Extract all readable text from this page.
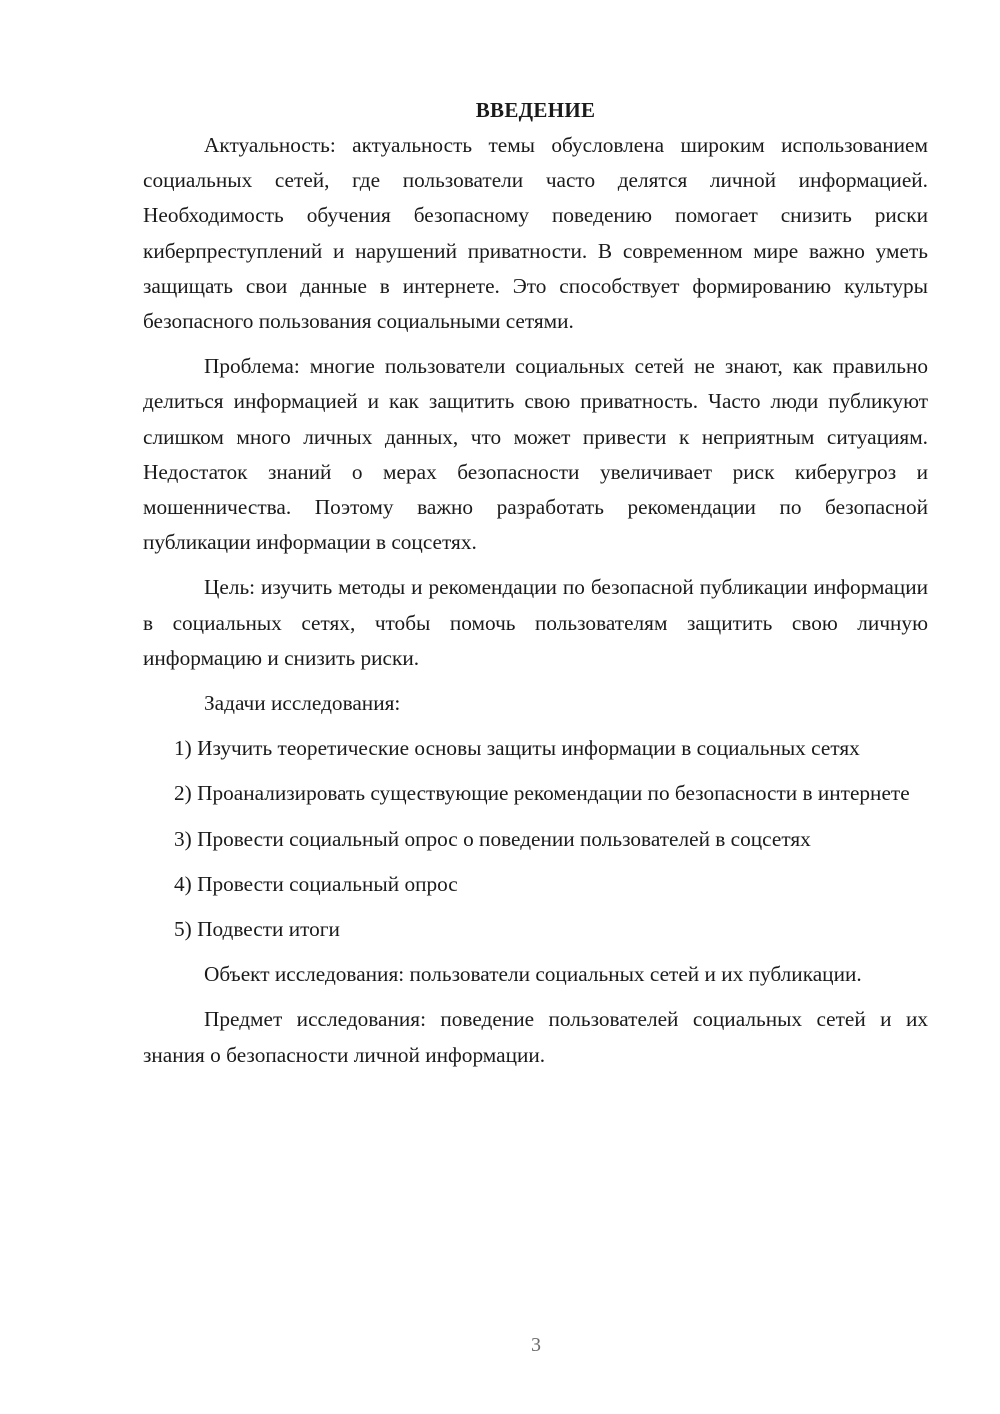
ВВЕДЕНИЕ

Актуальность: актуальность темы обусловлена широким использованием социальных сетей, где пользователи часто делятся личной информацией. Необходимость обучения безопасному поведению помогает снизить риски киберпреступлений и нарушений приватности. В современном мире важно уметь защищать свои данные в интернете. Это способствует формированию культуры безопасного пользования социальными сетями.

Проблема: многие пользователи социальных сетей не знают, как правильно делиться информацией и как защитить свою приватность. Часто люди публикуют слишком много личных данных, что может привести к неприятным ситуациям. Недостаток знаний о мерах безопасности увеличивает риск киберугроз и мошенничества. Поэтому важно разработать рекомендации по безопасной публикации информации в соцсетях.

Цель: изучить методы и рекомендации по безопасной публикации информации в социальных сетях, чтобы помочь пользователям защитить свою личную информацию и снизить риски.

Задачи исследования:

1) Изучить теоретические основы защиты информации в социальных сетях

2) Проанализировать существующие рекомендации по безопасности в интернете

3) Провести социальный опрос о поведении пользователей в соцсетях

4) Провести социальный опрос

5) Подвести итоги

Объект исследования: пользователи социальных сетей и их публикации.

Предмет исследования: поведение пользователей социальных сетей и их знания о безопасности личной информации.

3
